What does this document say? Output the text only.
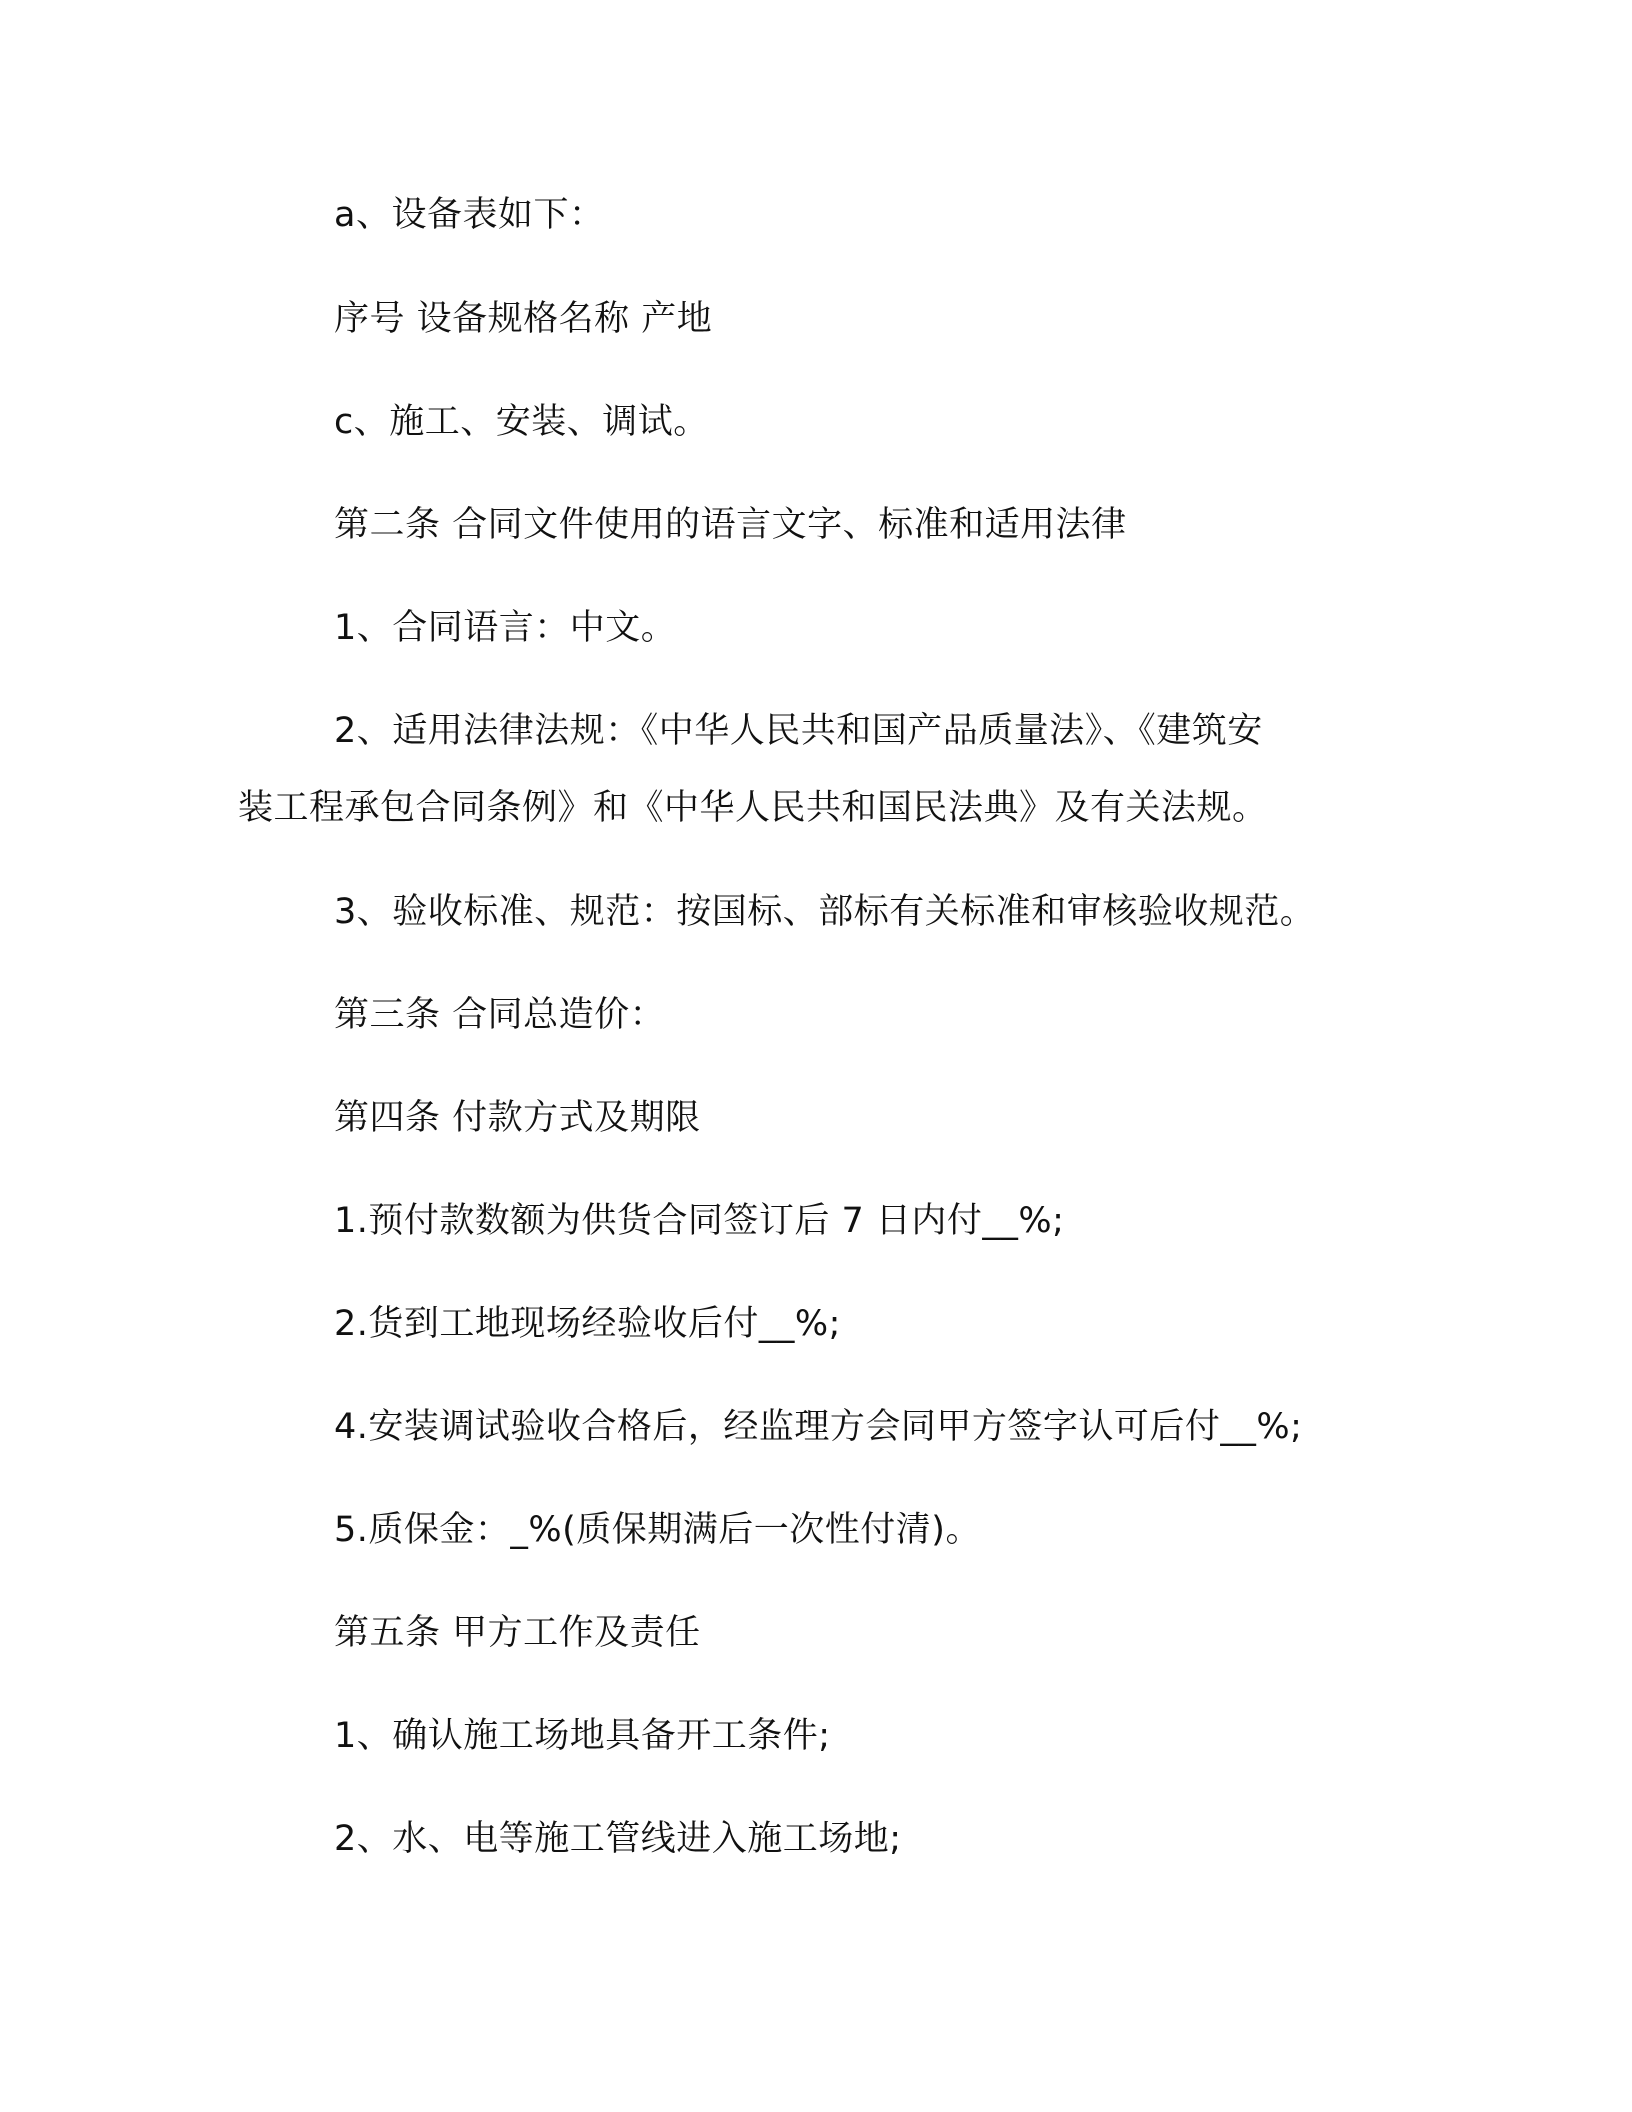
a、设备表如下：
序号 设备规格名称 产地
c、施工、安装、调试。
第二条 合同文件使用的语言文字、标准和适用法律
1、合同语言：中文。
2、适用法律法规：《中华人民共和国产品质量法》、《建筑安
装工程承包合同条例》和《中华人民共和国民法典》及有关法规。
3、验收标准、规范：按国标、部标有关标准和审核验收规范。
第三条 合同总造价：
第四条 付款方式及期限
1.预付款数额为供货合同签订后 7 日内付__%;
2.货到工地现场经验收后付__%;
4.安装调试验收合格后，经监理方会同甲方签字认可后付__%;
5.质保金：_%(质保期满后一次性付清)。
第五条 甲方工作及责任
1、确认施工场地具备开工条件;
2、水、电等施工管线进入施工场地;
